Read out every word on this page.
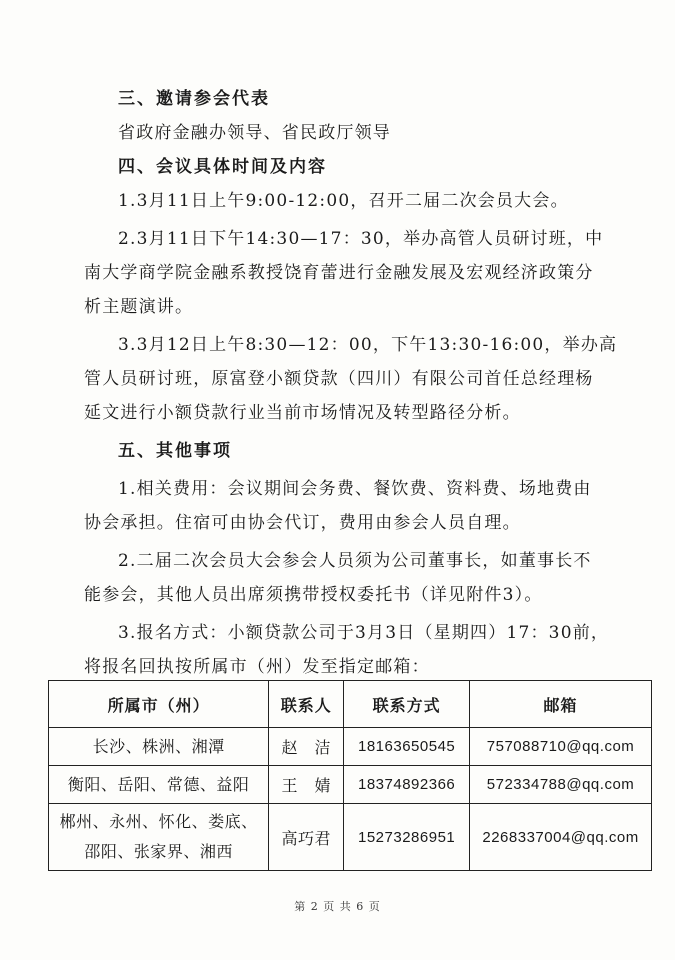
三、邀请参会代表
省政府金融办领导、省民政厅领导
四、会议具体时间及内容
1.3月11日上午9:00-12:00，召开二届二次会员大会。
2.3月11日下午14:30—17：30，举办高管人员研讨班，中
南大学商学院金融系教授饶育蕾进行金融发展及宏观经济政策分
析主题演讲。
3.3月12日上午8:30—12：00，下午13:30-16:00，举办高
管人员研讨班，原富登小额贷款（四川）有限公司首任总经理杨
延文进行小额贷款行业当前市场情况及转型路径分析。
五、其他事项
1.相关费用：会议期间会务费、餐饮费、资料费、场地费由
协会承担。住宿可由协会代订，费用由参会人员自理。
2.二届二次会员大会参会人员须为公司董事长，如董事长不
能参会，其他人员出席须携带授权委托书（详见附件3）。
3.报名方式：小额贷款公司于3月3日（星期四）17：30前，
将报名回执按所属市（州）发至指定邮箱：
所属市（州）	联系人	联系方式	邮箱
长沙、株洲、湘潭	赵　洁	18163650545	757088710@qq.com
衡阳、岳阳、常德、益阳	王　婧	18374892366	572334788@qq.com

郴州、永州、怀化、娄底、
邵阳、张家界、湘西	高巧君	15273286951	2268337004@qq.com
第 2 页 共 6 页
